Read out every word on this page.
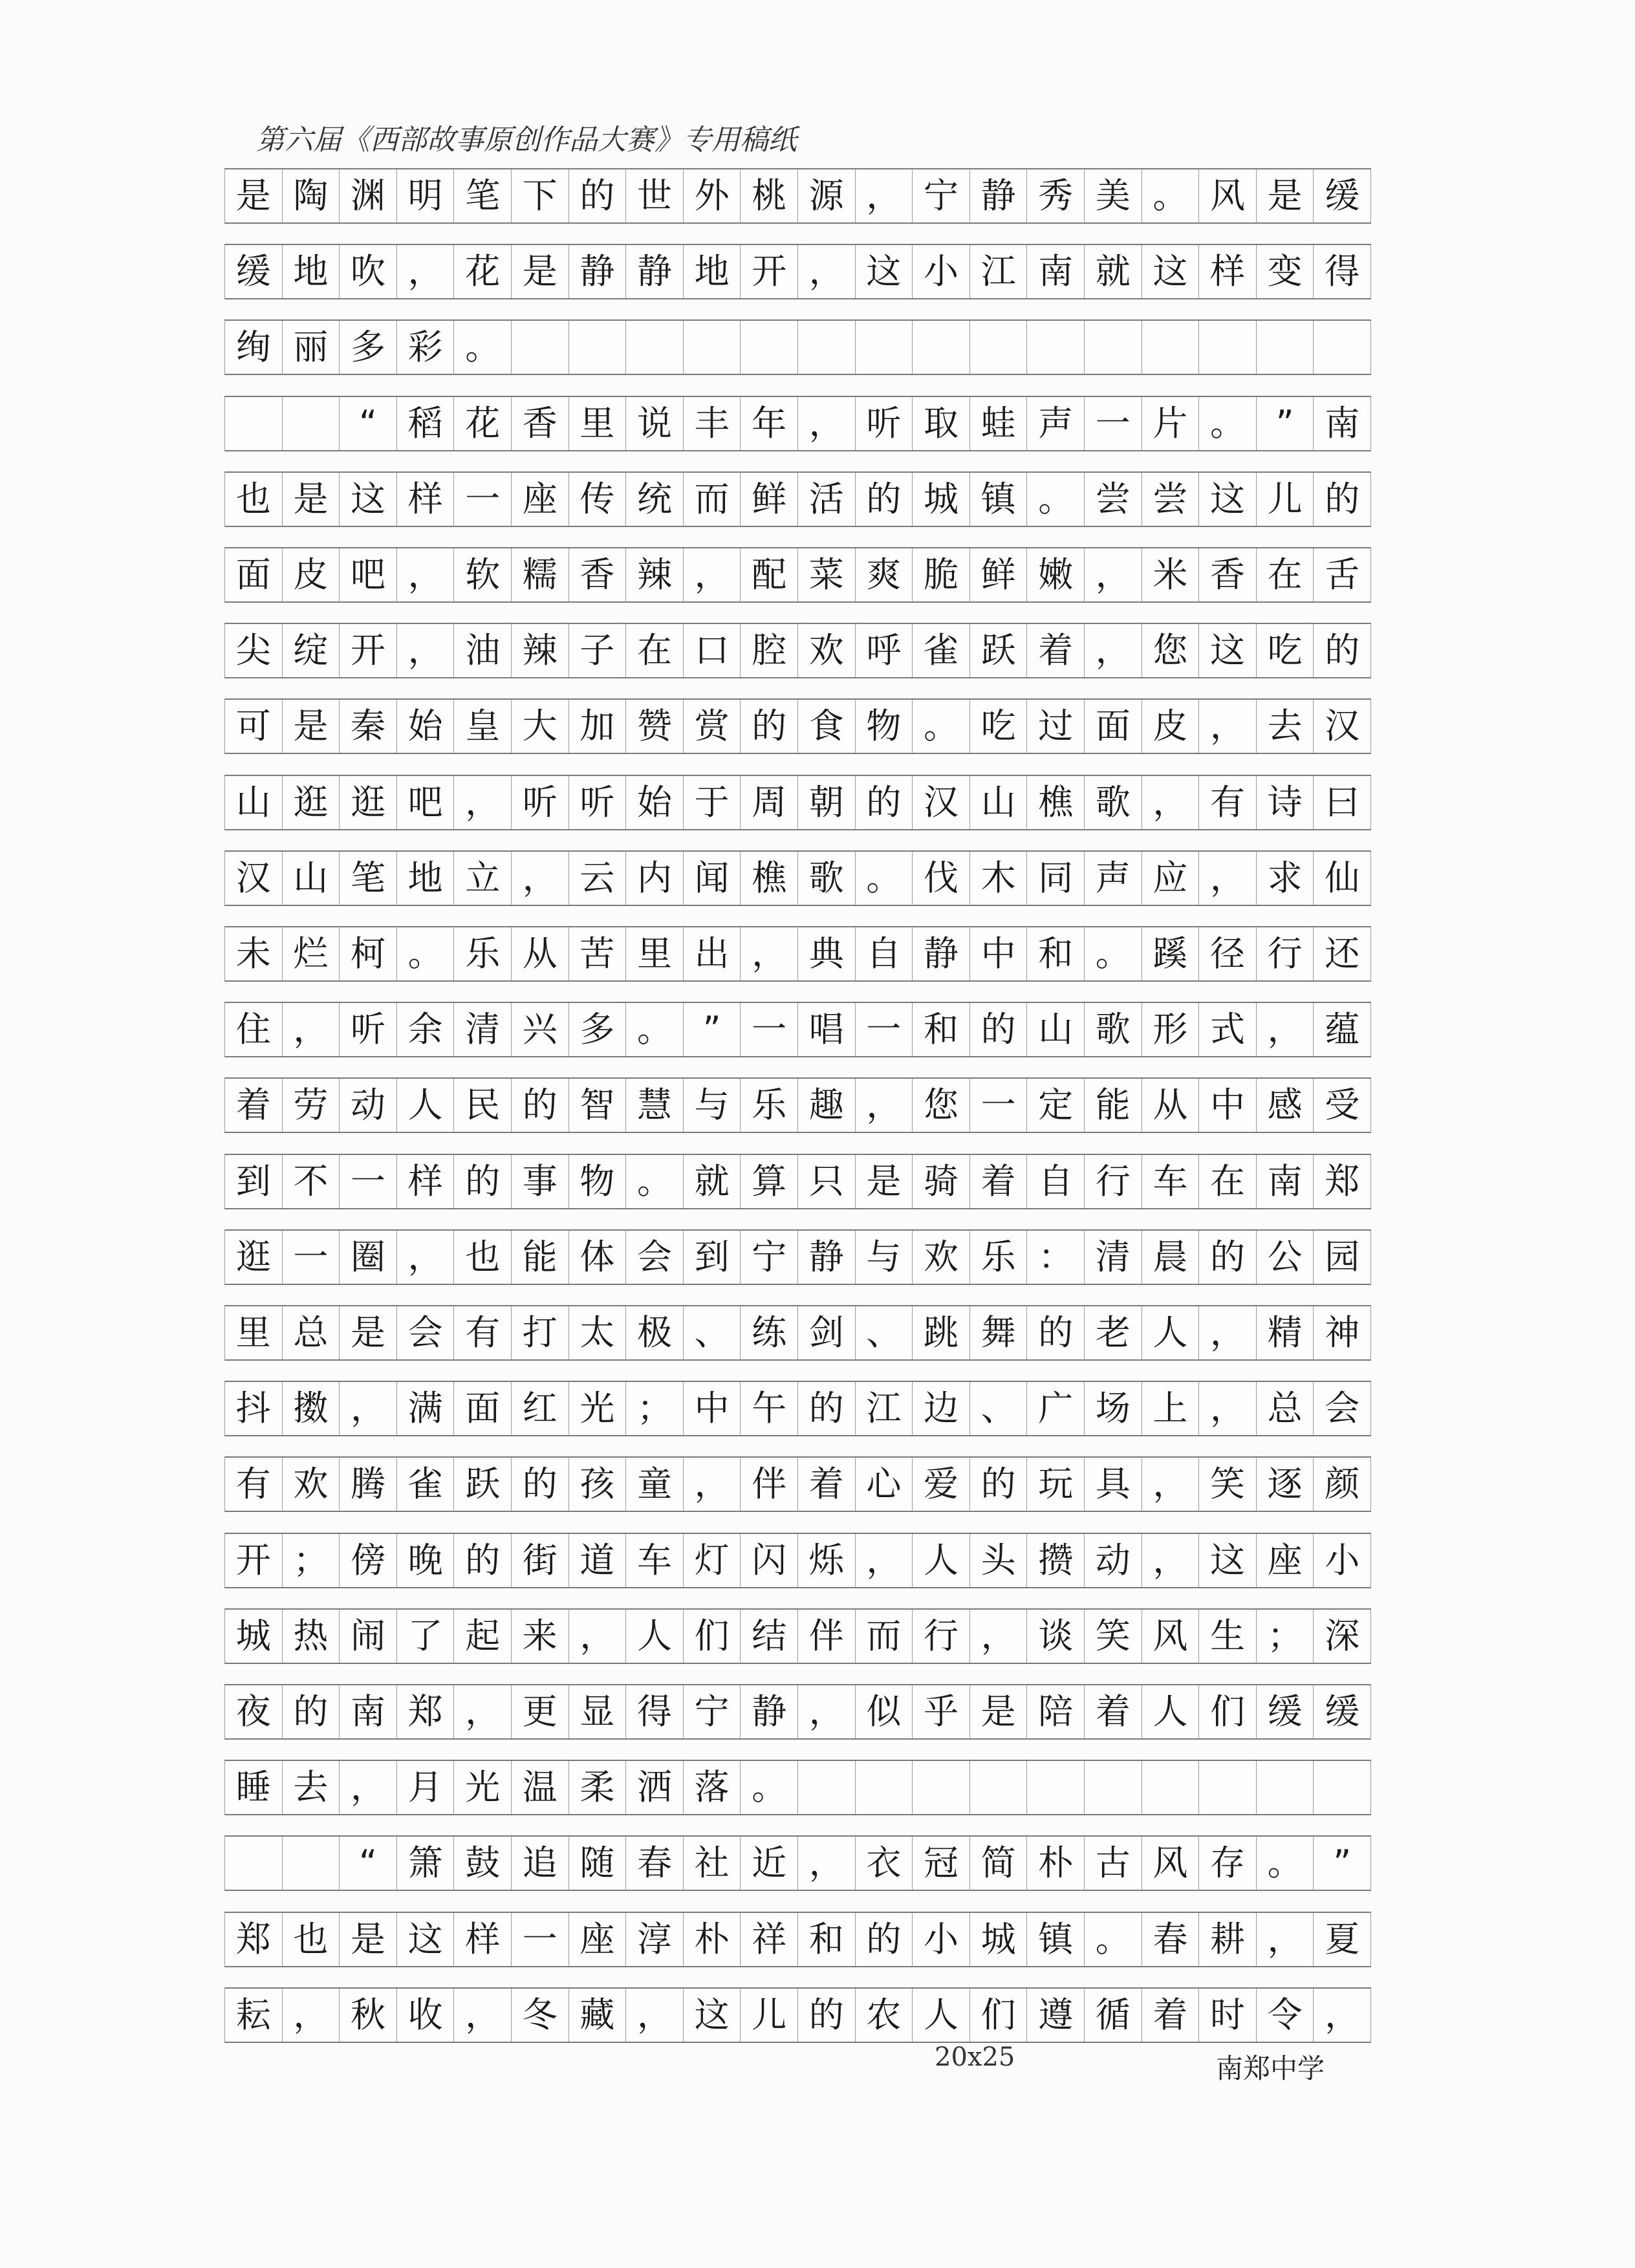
第六届《西部故事原创作品大赛》专用稿纸
是 陶 渊 明 笔 下 的 世 外 桃 源 ， 宁 静 秀 美 。 风 是 缓
缓 地 吹 ， 花 是 静 静 地 开 ， 这 小 江 南 就 这 样 变 得
绚 丽 多 彩 。

“ 稻 花 香 里 说 丰 年 ， 听 取 蛙 声 一 片 。 ” 南
也 是 这 样 一 座 传 统 而 鲜 活 的 城 镇 。 尝 尝 这 儿 的
面 皮 吧 ， 软 糯 香 辣 ， 配 菜 爽 脆 鲜 嫩 ， 米 香 在 舌
尖 绽 开 ， 油 辣 子 在 口 腔 欢 呼 雀 跃 着 ， 您 这 吃 的
可 是 秦 始 皇 大 加 赞 赏 的 食 物 。 吃 过 面 皮 ， 去 汉
山 逛 逛 吧 ， 听 听 始 于 周 朝 的 汉 山 樵 歌 ， 有 诗 曰
汉 山 笔 地 立 ， 云 内 闻 樵 歌 。 伐 木 同 声 应 ， 求 仙
未 烂 柯 。 乐 从 苦 里 出 ， 典 自 静 中 和 。 蹊 径 行 还
住 ， 听 余 清 兴 多 。 ” 一 唱 一 和 的 山 歌 形 式 ， 蕴
着 劳 动 人 民 的 智 慧 与 乐 趣 ， 您 一 定 能 从 中 感 受
到 不 一 样 的 事 物 。 就 算 只 是 骑 着 自 行 车 在 南 郑
逛 一 圈 ， 也 能 体 会 到 宁 静 与 欢 乐 ： 清 晨 的 公 园
里 总 是 会 有 打 太 极 、 练 剑 、 跳 舞 的 老 人 ， 精 神
抖 擞 ， 满 面 红 光 ； 中 午 的 江 边 、 广 场 上 ， 总 会
有 欢 腾 雀 跃 的 孩 童 ， 伴 着 心 爱 的 玩 具 ， 笑 逐 颜
开 ； 傍 晚 的 街 道 车 灯 闪 烁 ， 人 头 攒 动 ， 这 座 小
城 热 闹 了 起 来 ， 人 们 结 伴 而 行 ， 谈 笑 风 生 ； 深
夜 的 南 郑 ， 更 显 得 宁 静 ， 似 乎 是 陪 着 人 们 缓 缓
睡 去 ， 月 光 温 柔 洒 落 。

“ 箫 鼓 追 随 春 社 近 ， 衣 冠 简 朴 古 风 存 。 ”
郑 也 是 这 样 一 座 淳 朴 祥 和 的 小 城 镇 。 春 耕 ， 夏
耘 ， 秋 收 ， 冬 藏 ， 这 儿 的 农 人 们 遵 循 着 时 令 ，
20x25	南郑中学
